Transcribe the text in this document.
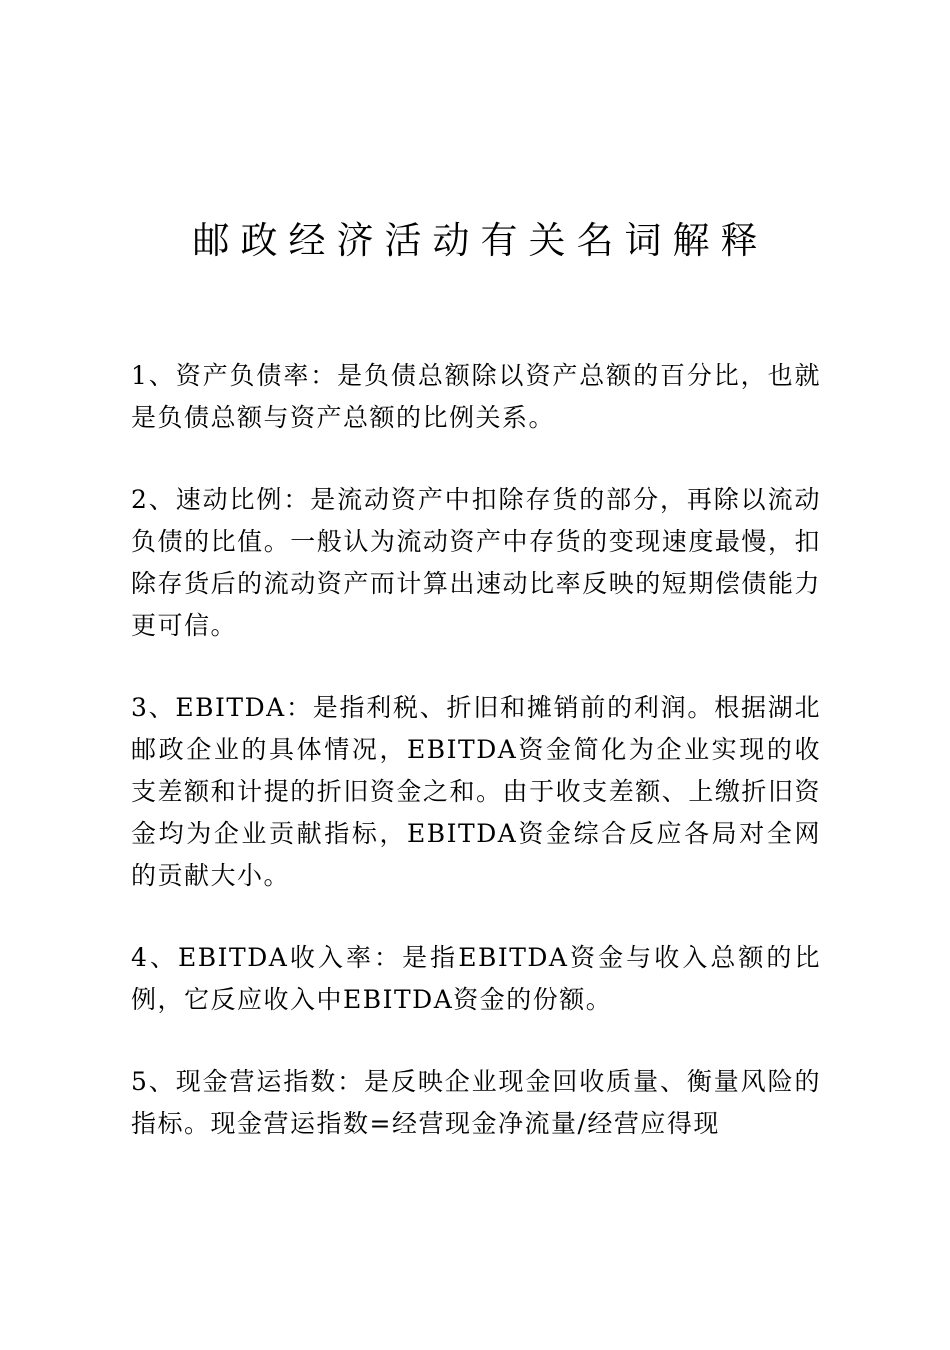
邮政经济活动有关名词解释

1、资产负债率：是负债总额除以资产总额的百分比，也就是负债总额与资产总额的比例关系。

2、速动比例：是流动资产中扣除存货的部分，再除以流动负债的比值。一般认为流动资产中存货的变现速度最慢，扣除存货后的流动资产而计算出速动比率反映的短期偿债能力更可信。

3、EBITDA：是指利税、折旧和摊销前的利润。根据湖北邮政企业的具体情况，EBITDA资金简化为企业实现的收支差额和计提的折旧资金之和。由于收支差额、上缴折旧资金均为企业贡献指标，EBITDA资金综合反应各局对全网的贡献大小。

4、EBITDA收入率：是指EBITDA资金与收入总额的比例，它反应收入中EBITDA资金的份额。

5、现金营运指数：是反映企业现金回收质量、衡量风险的指标。现金营运指数=经营现金净流量/经营应得现
